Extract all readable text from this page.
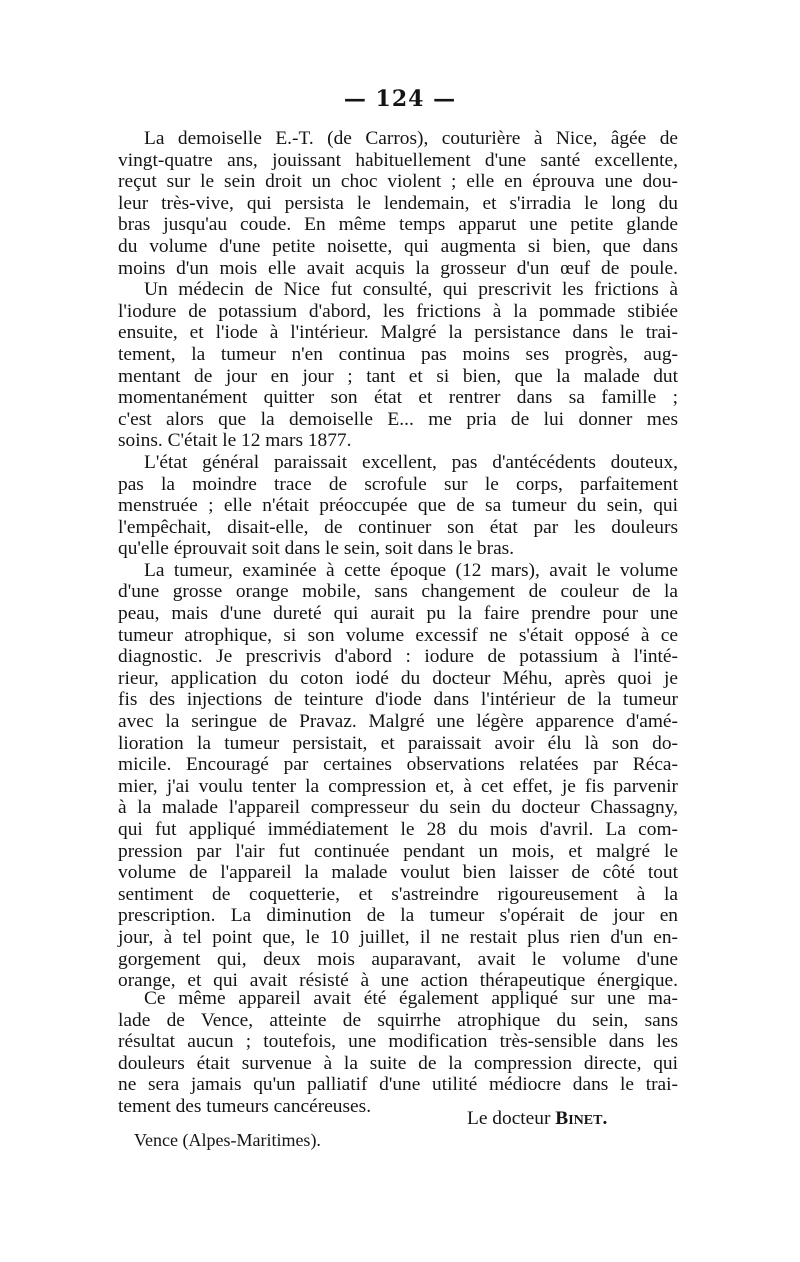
— 124 —
La demoiselle E.-T. (de Carros), couturière à Nice, âgée de
vingt-quatre ans, jouissant habituellement d'une santé excellente,
reçut sur le sein droit un choc violent ; elle en éprouva une dou-
leur très-vive, qui persista le lendemain, et s'irradia le long du
bras jusqu'au coude. En même temps apparut une petite glande
du volume d'une petite noisette, qui augmenta si bien, que dans
moins d'un mois elle avait acquis la grosseur d'un œuf de poule.
Un médecin de Nice fut consulté, qui prescrivit les frictions à
l'iodure de potassium d'abord, les frictions à la pommade stibiée
ensuite, et l'iode à l'intérieur. Malgré la persistance dans le trai-
tement, la tumeur n'en continua pas moins ses progrès, aug-
mentant de jour en jour ; tant et si bien, que la malade dut
momentanément quitter son état et rentrer dans sa famille ;
c'est alors que la demoiselle E... me pria de lui donner mes
soins. C'était le 12 mars 1877.
L'état général paraissait excellent, pas d'antécédents douteux,
pas la moindre trace de scrofule sur le corps, parfaitement
menstruée ; elle n'était préoccupée que de sa tumeur du sein, qui
l'empêchait, disait-elle, de continuer son état par les douleurs
qu'elle éprouvait soit dans le sein, soit dans le bras.
La tumeur, examinée à cette époque (12 mars), avait le volume
d'une grosse orange mobile, sans changement de couleur de la
peau, mais d'une dureté qui aurait pu la faire prendre pour une
tumeur atrophique, si son volume excessif ne s'était opposé à ce
diagnostic. Je prescrivis d'abord : iodure de potassium à l'inté-
rieur, application du coton iodé du docteur Méhu, après quoi je
fis des injections de teinture d'iode dans l'intérieur de la tumeur
avec la seringue de Pravaz. Malgré une légère apparence d'amé-
lioration la tumeur persistait, et paraissait avoir élu là son do-
micile. Encouragé par certaines observations relatées par Réca-
mier, j'ai voulu tenter la compression et, à cet effet, je fis parvenir
à la malade l'appareil compresseur du sein du docteur Chassagny,
qui fut appliqué immédiatement le 28 du mois d'avril. La com-
pression par l'air fut continuée pendant un mois, et malgré le
volume de l'appareil la malade voulut bien laisser de côté tout
sentiment de coquetterie, et s'astreindre rigoureusement à la
prescription. La diminution de la tumeur s'opérait de jour en
jour, à tel point que, le 10 juillet, il ne restait plus rien d'un en-
gorgement qui, deux mois auparavant, avait le volume d'une
orange, et qui avait résisté à une action thérapeutique énergique.
Ce même appareil avait été également appliqué sur une ma-
lade de Vence, atteinte de squirrhe atrophique du sein, sans
résultat aucun ; toutefois, une modification très-sensible dans les
douleurs était survenue à la suite de la compression directe, qui
ne sera jamais qu'un palliatif d'une utilité médiocre dans le trai-
tement des tumeurs cancéreuses.
Le docteur Binet.
Vence (Alpes-Maritimes).
